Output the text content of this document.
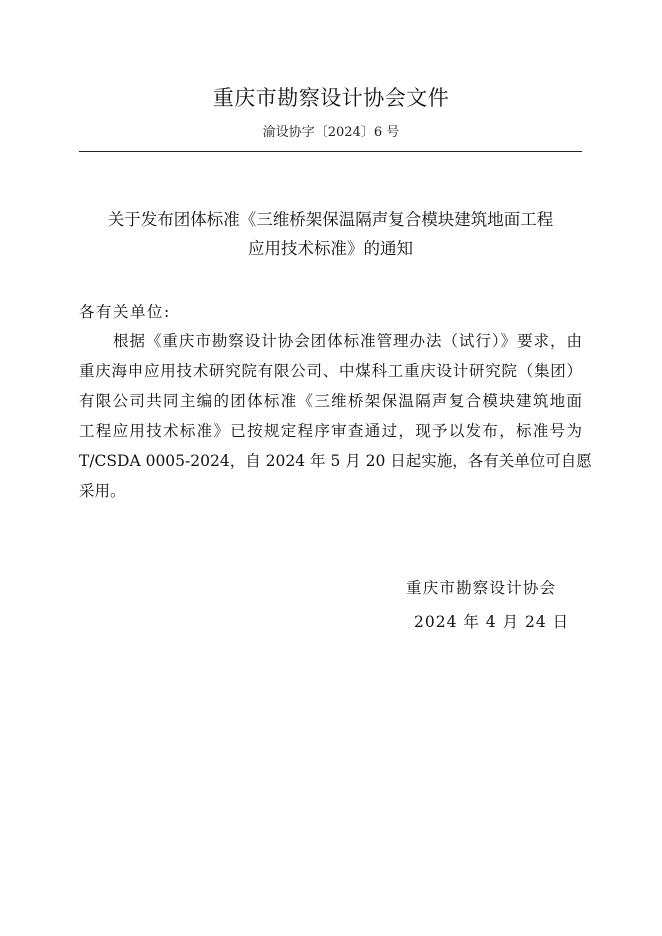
重庆市勘察设计协会文件
渝设协字〔2024〕6 号
关于发布团体标准《三维桥架保温隔声复合模块建筑地面工程
应用技术标准》的通知
各有关单位:
根据《重庆市勘察设计协会团体标准管理办法（试行）》要求，由
重庆海申应用技术研究院有限公司、中煤科工重庆设计研究院（集团）
有限公司共同主编的团体标准《三维桥架保温隔声复合模块建筑地面
工程应用技术标准》已按规定程序审查通过，现予以发布，标准号为
T/CSDA 0005-2024，自 2024 年 5 月 20 日起实施，各有关单位可自愿
采用。
重庆市勘察设计协会
2024 年 4 月 24 日
